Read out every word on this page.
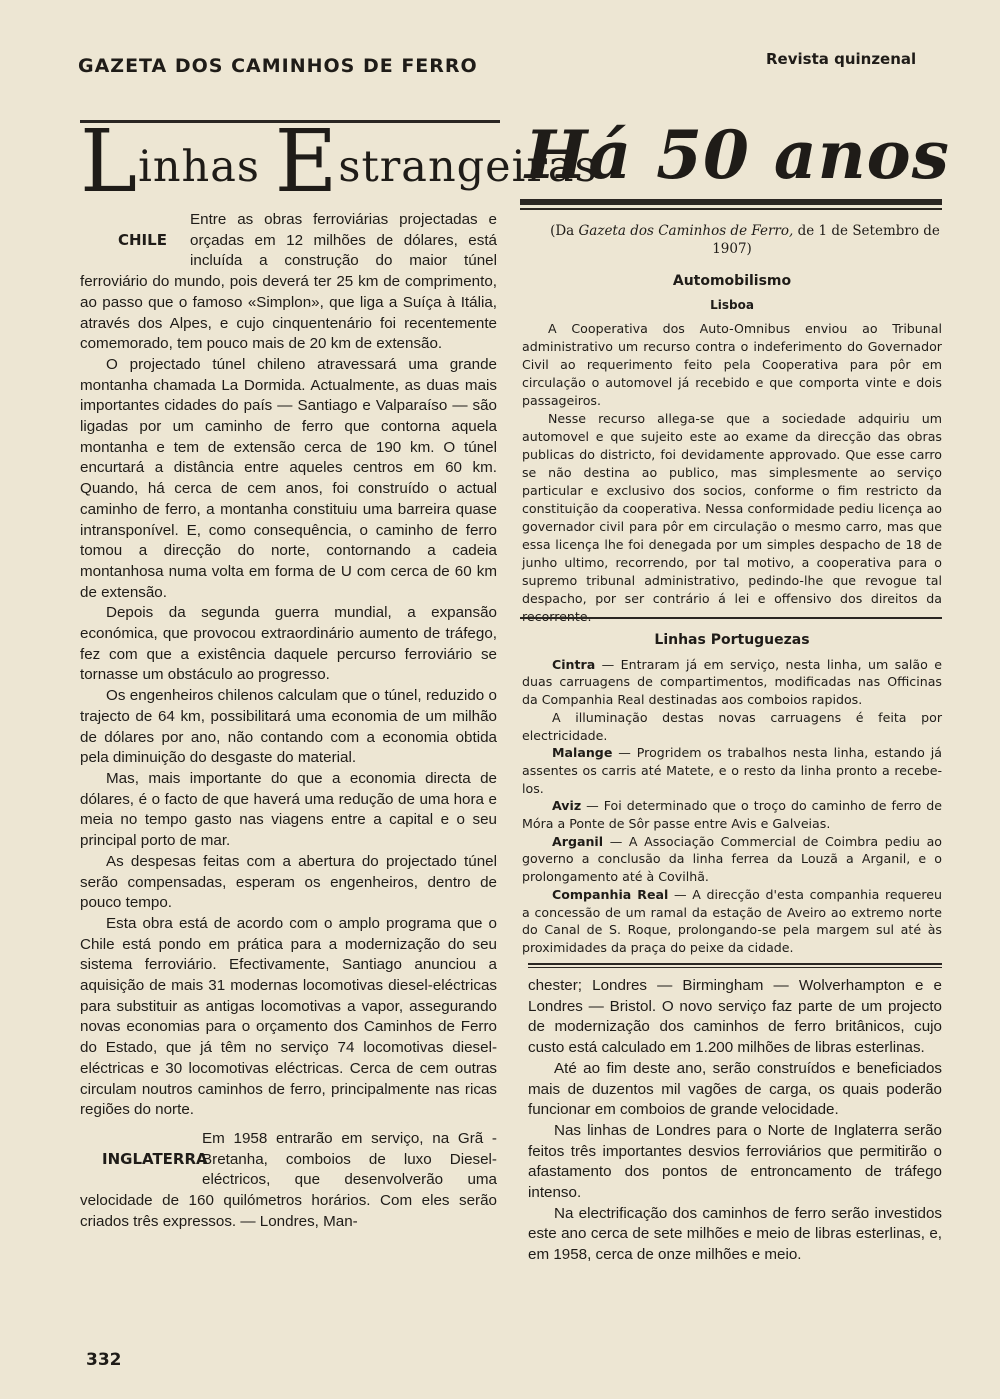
GAZETA DOS CAMINHOS DE FERRO	Revista quinzenal
Linhas Estrangeiras
CHILE

Entre as obras ferroviárias projectadas e orçadas em 12 milhões de dólares, está incluída a construção do maior túnel ferroviário do mundo, pois deverá ter 25 km de comprimento, ao passo que o famoso «Simplon», que liga a Suíça à Itália, através dos Alpes, e cujo cinquentenário foi recentemente comemorado, tem pouco mais de 20 km de extensão.

O projectado túnel chileno atravessará uma grande montanha chamada La Dormida. Actualmente, as duas mais importantes cidades do país — Santiago e Valparaíso — são ligadas por um caminho de ferro que contorna aquela montanha e tem de extensão cerca de 190 km. O túnel encurtará a distância entre aqueles centros em 60 km. Quando, há cerca de cem anos, foi construído o actual caminho de ferro, a montanha constituiu uma barreira quase intransponível. E, como consequência, o caminho de ferro tomou a direcção do norte, contornando a cadeia montanhosa numa volta em forma de U com cerca de 60 km de extensão.

Depois da segunda guerra mundial, a expansão económica, que provocou extraordinário aumento de tráfego, fez com que a existência daquele percurso ferroviário se tornasse um obstáculo ao progresso.

Os engenheiros chilenos calculam que o túnel, reduzido o trajecto de 64 km, possibilitará uma economia de um milhão de dólares por ano, não contando com a economia obtida pela diminuição do desgaste do material.

Mas, mais importante do que a economia directa de dólares, é o facto de que haverá uma redução de uma hora e meia no tempo gasto nas viagens entre a capital e o seu principal porto de mar.

As despesas feitas com a abertura do projectado túnel serão compensadas, esperam os engenheiros, dentro de pouco tempo.

Esta obra está de acordo com o amplo programa que o Chile está pondo em prática para a modernização do seu sistema ferroviário. Efectivamente, Santiago anunciou a aquisição de mais 31 modernas locomotivas diesel-eléctricas para substituir as antigas locomotivas a vapor, assegurando novas economias para o orçamento dos Caminhos de Ferro do Estado, que já têm no serviço 74 locomotivas diesel-eléctricas e 30 locomotivas eléctricas. Cerca de cem outras circulam noutros caminhos de ferro, principalmente nas ricas regiões do norte.

INGLATERRA

Em 1958 entrarão em serviço, na Grã - Bretanha, comboios de luxo Diesel-eléctricos, que desenvolverão uma velocidade de 160 quilómetros horários. Com eles serão criados três expressos. — Londres, Man-

Há 50 anos

(Da Gazeta dos Caminhos de Ferro, de 1 de Setembro de 1907)

Automobilismo
Lisboa

A Cooperativa dos Auto-Omnibus enviou ao Tribunal administrativo um recurso contra o indeferimento do Governador Civil ao requerimento feito pela Cooperativa para pôr em circulação o automovel já recebido e que comporta vinte e dois passageiros.

Nesse recurso allega-se que a sociedade adquiriu um automovel e que sujeito este ao exame da direcção das obras publicas do districto, foi devidamente approvado. Que esse carro se não destina ao publico, mas simplesmente ao serviço particular e exclusivo dos socios, conforme o fim restricto da constituição da cooperativa. Nessa conformidade pediu licença ao governador civil para pôr em circulação o mesmo carro, mas que essa licença lhe foi denegada por um simples despacho de 18 de junho ultimo, recorrendo, por tal motivo, a cooperativa para o supremo tribunal administrativo, pedindo-lhe que revogue tal despacho, por ser contrário á lei e offensivo dos direitos da

Linhas Portuguezas

Cintra — Entraram já em serviço, nesta linha, um salão e duas carruagens de compartimentos, modificadas nas Officinas da Companhia Real destinadas aos comboios rapidos.

A illuminação destas novas carruagens é feita por electricidade.

Malange — Progridem os trabalhos nesta linha, estando já assentes os carris até Matete, e o resto da linha pronto a recebe-los.

Aviz — Foi determinado que o troço do caminho de ferro de Móra a Ponte de Sôr passe entre Avis e Galveias.

Arganil — A Associação Commercial de Coimbra pediu ao governo a conclusão da linha ferrea da Louzã a Arganil, e o prolongamento até à Covilhã.

Companhia Real — A direcção d'esta companhia requereu a concessão de um ramal da estação de Aveiro ao extremo norte do Canal de S. Roque, prolongando-se pela margem sul até às proximidades da praça do peixe da cidade.

chester; Londres — Birmingham — Wolverhampton e e Londres — Bristol. O novo serviço faz parte de um projecto de modernização dos caminhos de ferro britânicos, cujo custo está calculado em 1.200 milhões de libras esterlinas.

Até ao fim deste ano, serão construídos e beneficiados mais de duzentos mil vagões de carga, os quais poderão funcionar em comboios de grande velocidade.

Nas linhas de Londres para o Norte de Inglaterra serão feitos três importantes desvios ferroviários que permitirão o afastamento dos pontos de entroncamento de tráfego intenso.

Na electrificação dos caminhos de ferro serão investidos este ano cerca de sete milhões e meio de libras esterlinas, e, em 1958, cerca de onze milhões e meio.

332
